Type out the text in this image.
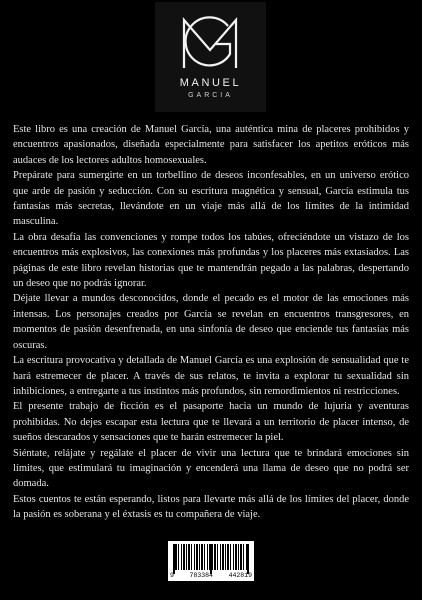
MANUEL
GARCIA

Este libro es una creación de Manuel García, una auténtica mina de placeres prohibidos y encuentros apasionados, diseñada especialmente para satisfacer los apetitos eróticos más audaces de los lectores adultos homosexuales.

Prepárate para sumergirte en un torbellino de deseos inconfesables, en un universo erótico que arde de pasión y seducción. Con su escritura magnética y sensual, García estimula tus fantasías más secretas, llevándote en un viaje más allá de los límites de la intimidad masculina.

La obra desafía las convenciones y rompe todos los tabúes, ofreciéndote un vistazo de los encuentros más explosivos, las conexiones más profundas y los placeres más extasiados. Las páginas de este libro revelan historias que te mantendrán pegado a las palabras, despertando un deseo que no podrás ignorar.

Déjate llevar a mundos desconocidos, donde el pecado es el motor de las emociones más intensas. Los personajes creados por García se revelan en encuentros transgresores, en momentos de pasión desenfrenada, en una sinfonía de deseo que enciende tus fantasías más oscuras.

La escritura provocativa y detallada de Manuel García es una explosión de sensualidad que te hará estremecer de placer. A través de sus relatos, te invita a explorar tu sexualidad sin inhibiciones, a entregarte a tus instintos más profundos, sin remordimientos ni restricciones.

El presente trabajo de ficción es el pasaporte hacia un mundo de lujuria y aventuras prohibidas. No dejes escapar esta lectura que te llevará a un territorio de placer intenso, de sueños descarados y sensaciones que te harán estremecer la piel.

Siéntate, relájate y regálate el placer de vivir una lectura que te brindará emociones sin límites, que estimulará tu imaginación y encenderá una llama de deseo que no podrá ser domada.

Estos cuentos te están esperando, listos para llevarte más allá de los límites del placer, donde la pasión es soberana y el éxtasis es tu compañera de viaje.

9 783384 442819
